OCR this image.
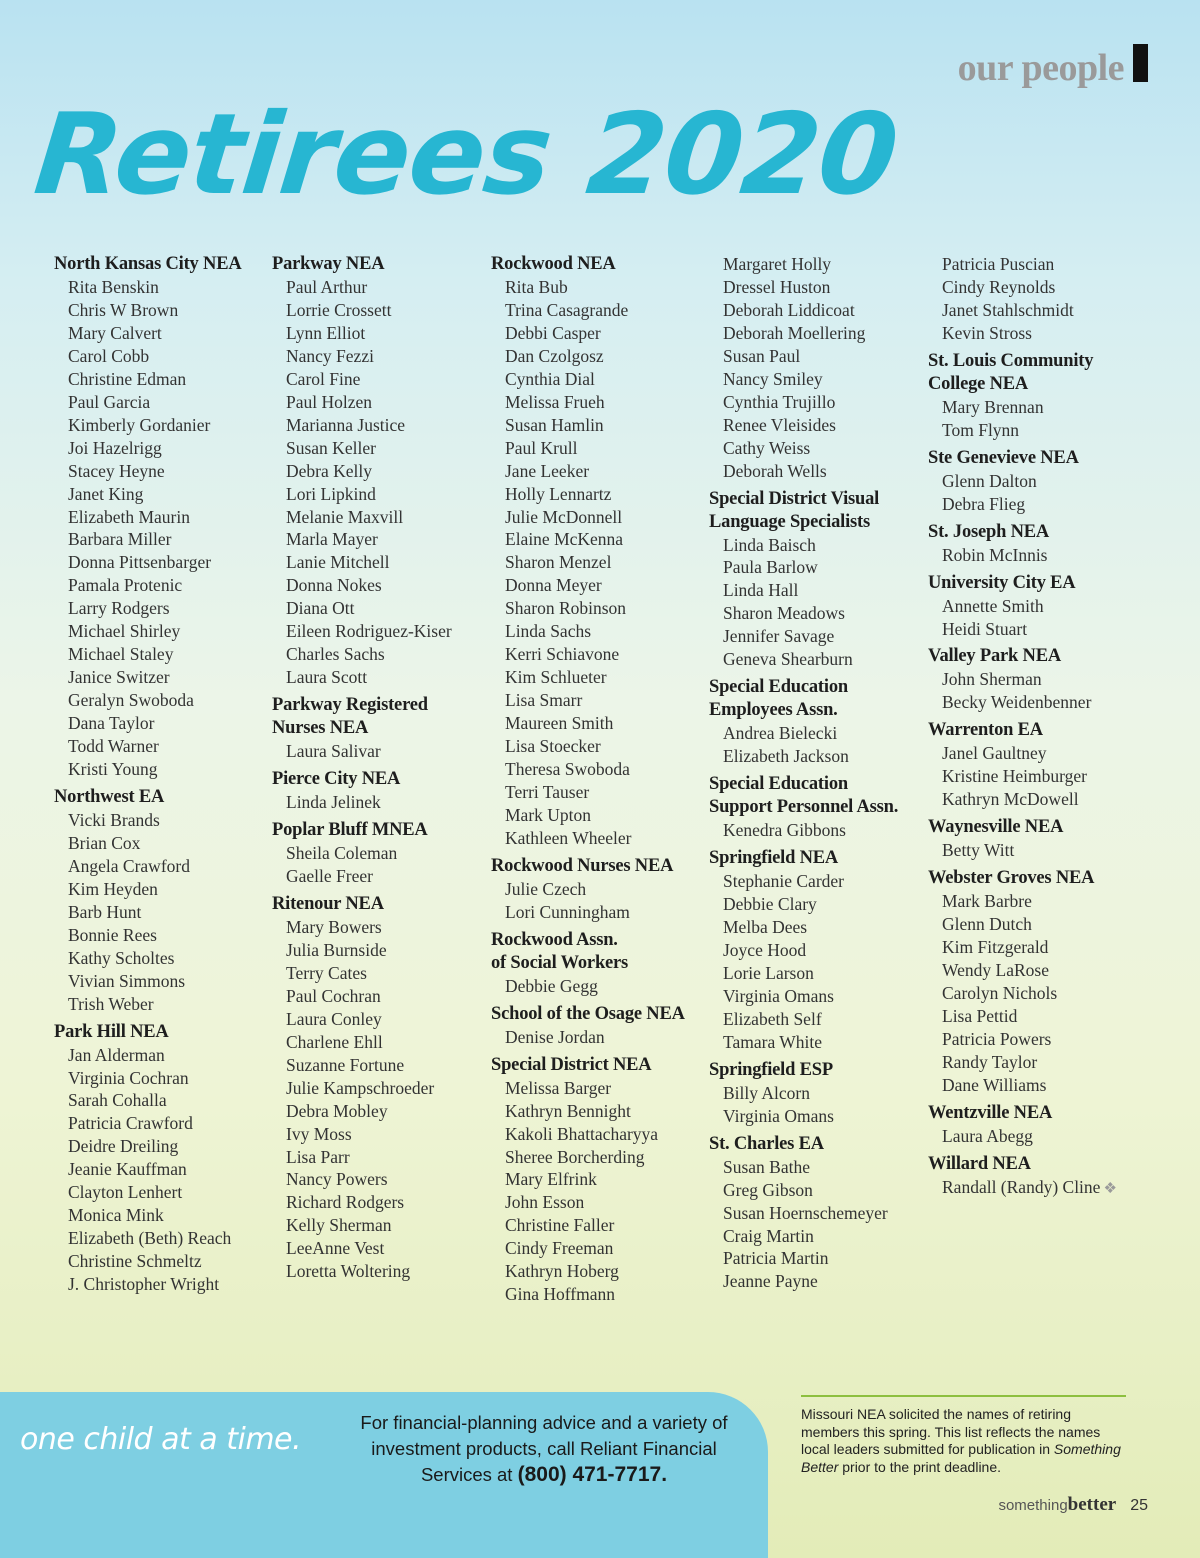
our people
Retirees 2020
North Kansas City NEA
Rita Benskin
Chris W Brown
Mary Calvert
Carol Cobb
Christine Edman
Paul Garcia
Kimberly Gordanier
Joi Hazelrigg
Stacey Heyne
Janet King
Elizabeth Maurin
Barbara Miller
Donna Pittsenbarger
Pamala Protenic
Larry Rodgers
Michael Shirley
Michael Staley
Janice Switzer
Geralyn Swoboda
Dana Taylor
Todd Warner
Kristi Young
Northwest EA
Vicki Brands
Brian Cox
Angela Crawford
Kim Heyden
Barb Hunt
Bonnie Rees
Kathy Scholtes
Vivian Simmons
Trish Weber
Park Hill NEA
Jan Alderman
Virginia Cochran
Sarah Cohalla
Patricia Crawford
Deidre Dreiling
Jeanie Kauffman
Clayton Lenhert
Monica Mink
Elizabeth (Beth) Reach
Christine Schmeltz
J. Christopher Wright
Parkway NEA
Paul Arthur
Lorrie Crossett
Lynn Elliot
Nancy Fezzi
Carol Fine
Paul Holzen
Marianna Justice
Susan Keller
Debra Kelly
Lori Lipkind
Melanie Maxvill
Marla Mayer
Lanie Mitchell
Donna Nokes
Diana Ott
Eileen Rodriguez-Kiser
Charles Sachs
Laura Scott
Parkway Registered
Nurses NEA
Laura Salivar
Pierce City NEA
Linda Jelinek
Poplar Bluff MNEA
Sheila Coleman
Gaelle Freer
Ritenour NEA
Mary Bowers
Julia Burnside
Terry Cates
Paul Cochran
Laura Conley
Charlene Ehll
Suzanne Fortune
Julie Kampschroeder
Debra Mobley
Ivy Moss
Lisa Parr
Nancy Powers
Richard Rodgers
Kelly Sherman
LeeAnne Vest
Loretta Woltering
Rockwood NEA
Rita Bub
Trina Casagrande
Debbi Casper
Dan Czolgosz
Cynthia Dial
Melissa Frueh
Susan Hamlin
Paul Krull
Jane Leeker
Holly Lennartz
Julie McDonnell
Elaine McKenna
Sharon Menzel
Donna Meyer
Sharon Robinson
Linda Sachs
Kerri Schiavone
Kim Schlueter
Lisa Smarr
Maureen Smith
Lisa Stoecker
Theresa Swoboda
Terri Tauser
Mark Upton
Kathleen Wheeler
Rockwood Nurses NEA
Julie Czech
Lori Cunningham
Rockwood Assn.
of Social Workers
Debbie Gegg
School of the Osage NEA
Denise Jordan
Special District NEA
Melissa Barger
Kathryn Bennight
Kakoli Bhattacharyya
Sheree Borcherding
Mary Elfrink
John Esson
Christine Faller
Cindy Freeman
Kathryn Hoberg
Gina Hoffmann
Margaret Holly
Dressel Huston
Deborah Liddicoat
Deborah Moellering
Susan Paul
Nancy Smiley
Cynthia Trujillo
Renee Vleisides
Cathy Weiss
Deborah Wells
Special District Visual
Language Specialists
Linda Baisch
Paula Barlow
Linda Hall
Sharon Meadows
Jennifer Savage
Geneva Shearburn
Special Education
Employees Assn.
Andrea Bielecki
Elizabeth Jackson
Special Education
Support Personnel Assn.
Kenedra Gibbons
Springfield NEA
Stephanie Carder
Debbie Clary
Melba Dees
Joyce Hood
Lorie Larson
Virginia Omans
Elizabeth Self
Tamara White
Springfield ESP
Billy Alcorn
Virginia Omans
St. Charles EA
Susan Bathe
Greg Gibson
Susan Hoernschemeyer
Craig Martin
Patricia Martin
Jeanne Payne
Patricia Puscian
Cindy Reynolds
Janet Stahlschmidt
Kevin Stross
St. Louis Community
College NEA
Mary Brennan
Tom Flynn
Ste Genevieve NEA
Glenn Dalton
Debra Flieg
St. Joseph NEA
Robin McInnis
University City EA
Annette Smith
Heidi Stuart
Valley Park NEA
John Sherman
Becky Weidenbenner
Warrenton EA
Janel Gaultney
Kristine Heimburger
Kathryn McDowell
Waynesville NEA
Betty Witt
Webster Groves NEA
Mark Barbre
Glenn Dutch
Kim Fitzgerald
Wendy LaRose
Carolyn Nichols
Lisa Pettid
Patricia Powers
Randy Taylor
Dane Williams
Wentzville NEA
Laura Abegg
Willard NEA
Randall (Randy) Cline ❖
one child at a time.	For financial-planning advice and a variety of investment products, call Reliant Financial Services at (800) 471-7717.
Missouri NEA solicited the names of retiring members this spring. This list reflects the names local leaders submitted for publication in Something Better prior to the print deadline.
somethingbetter 25
